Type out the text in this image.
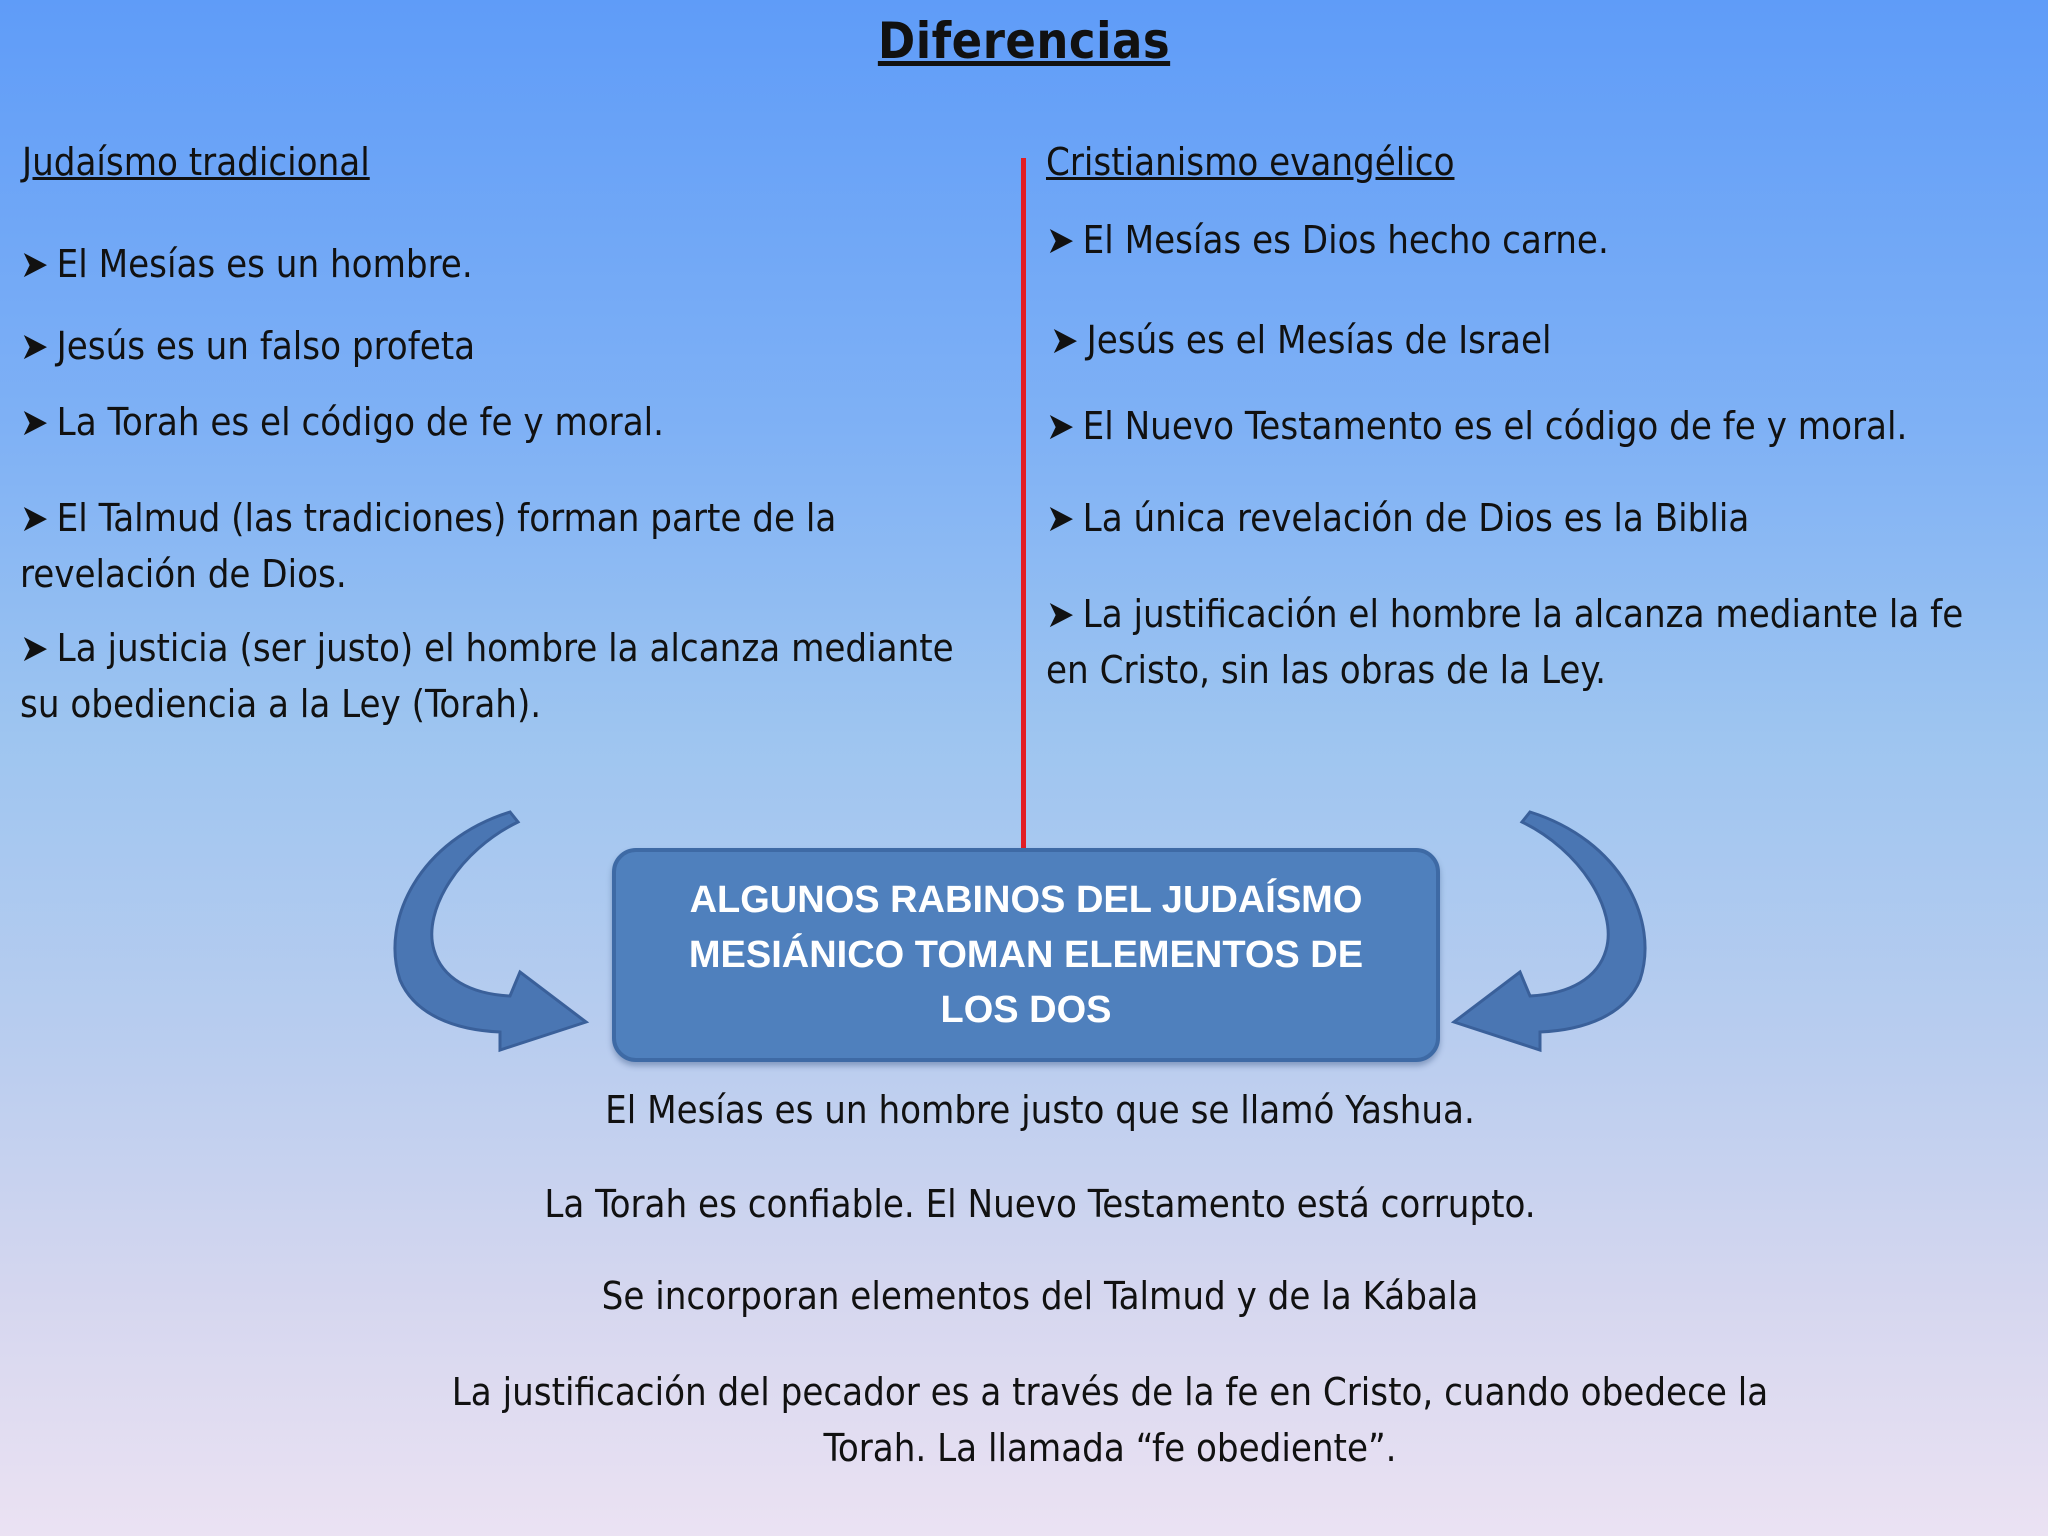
Diferencias

Judaísmo tradicional

➤ El Mesías es un hombre.

➤ Jesús es un falso profeta

➤ La Torah es el código de fe y moral.

➤ El Talmud (las tradiciones) forman parte de la revelación de Dios.

➤ La justicia (ser justo) el hombre la alcanza mediante su obediencia a la Ley (Torah).

Cristianismo evangélico

➤ El Mesías es Dios hecho carne.

➤ Jesús es el Mesías de Israel

➤ El Nuevo Testamento es el código de fe y moral.

➤ La única revelación de Dios es la Biblia

➤ La justificación el hombre la alcanza mediante la fe en Cristo, sin las obras de la Ley.

ALGUNOS RABINOS DEL JUDAÍSMO MESIÁNICO TOMAN ELEMENTOS DE LOS DOS

El Mesías es un hombre justo que se llamó Yashua.

La Torah es confiable. El Nuevo Testamento está corrupto.

Se incorporan elementos del Talmud y de la Kábala

La justificación del pecador es a través de la fe en Cristo, cuando obedece la Torah. La llamada “fe obediente”.
